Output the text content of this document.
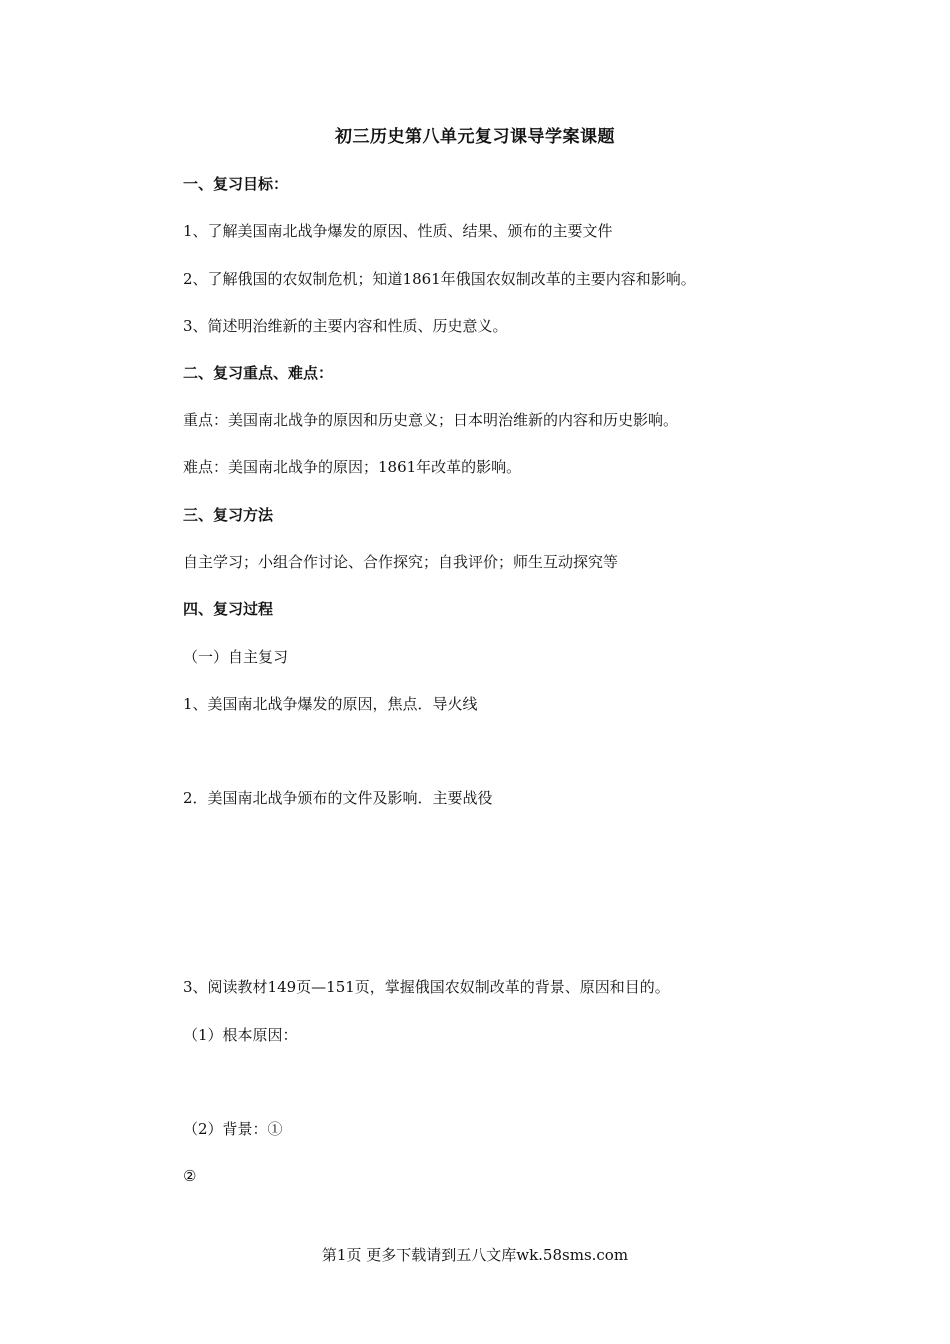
初三历史第八单元复习课导学案课题
一、复习目标：
1、了解美国南北战争爆发的原因、性质、结果、颁布的主要文件
2、了解俄国的农奴制危机；知道1861年俄国农奴制改革的主要内容和影响。
3、简述明治维新的主要内容和性质、历史意义。
二、复习重点、难点：
重点：美国南北战争的原因和历史意义；日本明治维新的内容和历史影响。
难点：美国南北战争的原因；1861年改革的影响。
三、复习方法
自主学习；小组合作讨论、合作探究；自我评价；师生互动探究等
四、复习过程
（一）自主复习
1、美国南北战争爆发的原因，焦点．导火线
2．美国南北战争颁布的文件及影响．主要战役
3、阅读教材149页—151页，掌握俄国农奴制改革的背景、原因和目的。
（1）根本原因：
（2）背景：①
②
第1页 更多下载请到五八文库wk.58sms.com
